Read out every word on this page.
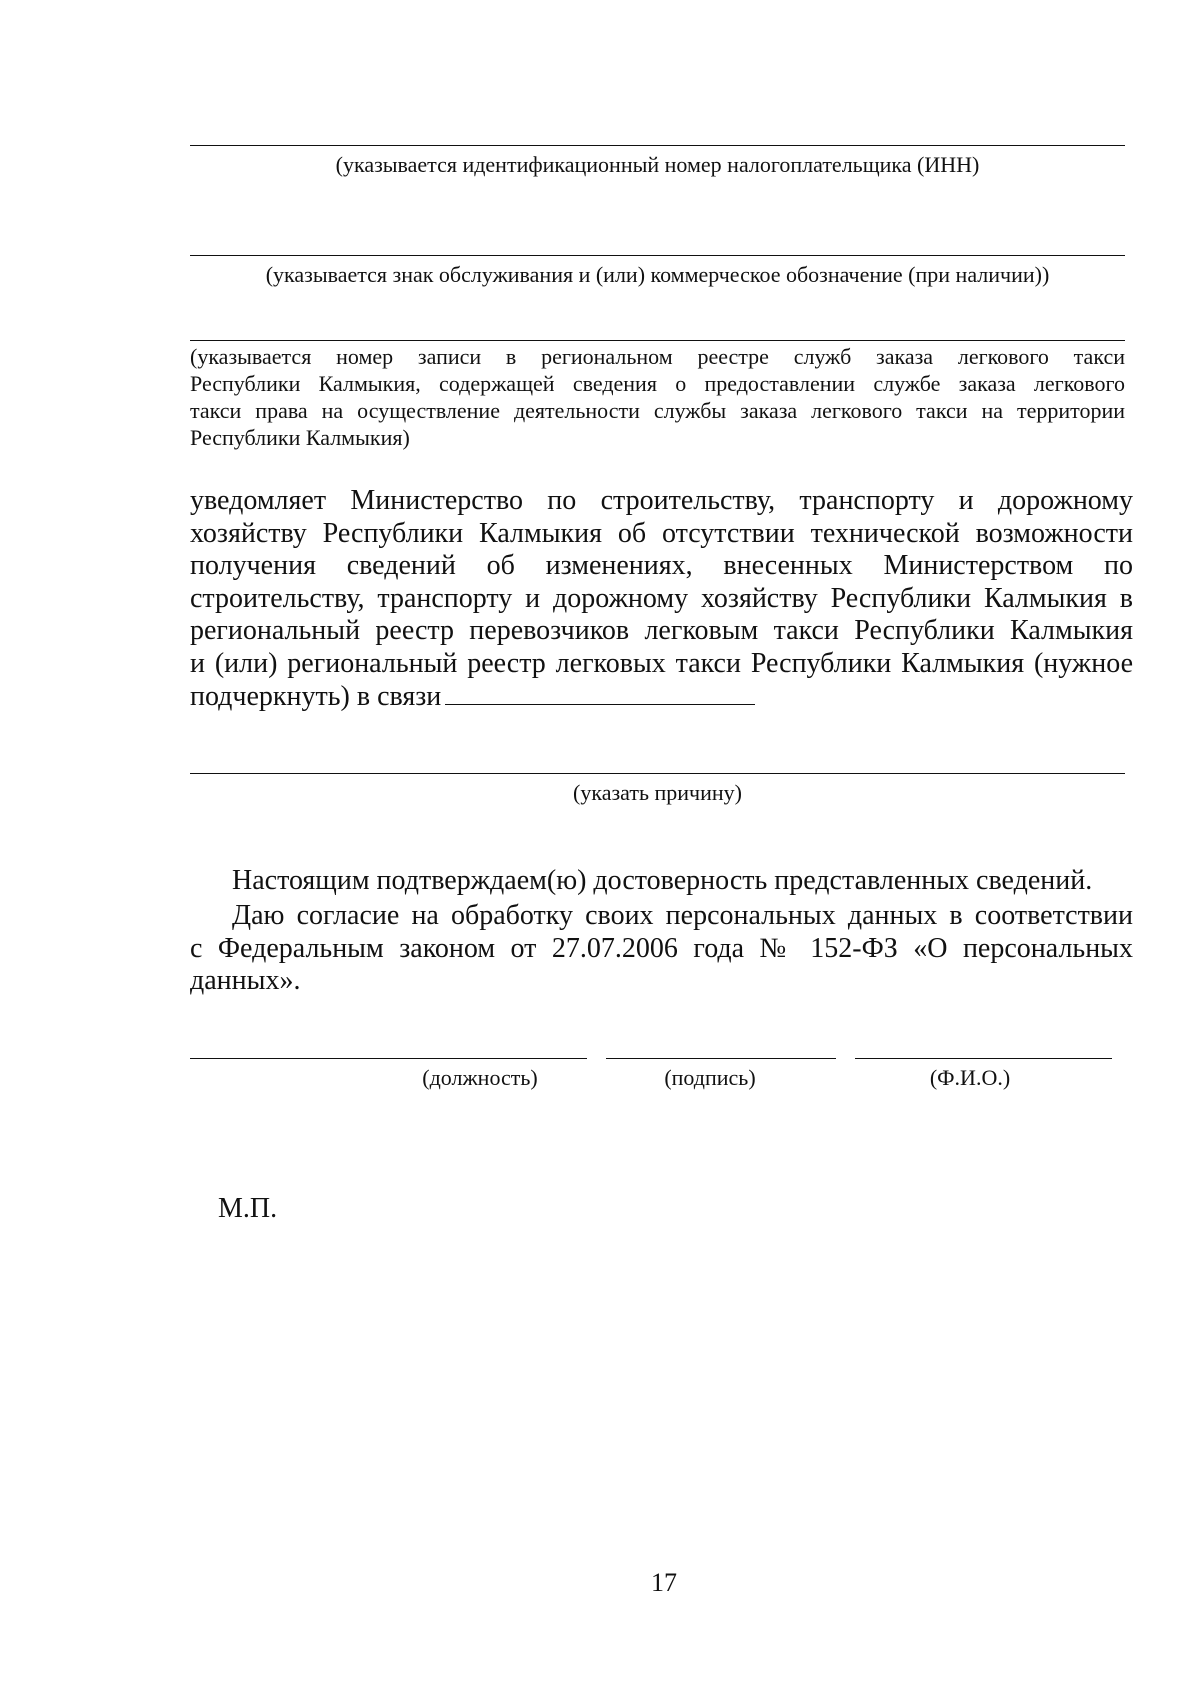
(указывается идентификационный номер налогоплательщика (ИНН)
(указывается знак обслуживания и (или) коммерческое обозначение (при наличии))
(указывается номер записи в региональном реестре служб заказа легкового такси
Республики Калмыкия, содержащей сведения о предоставлении службе заказа легкового
такси права на осуществление деятельности службы заказа легкового такси на территории
Республики Калмыкия)
уведомляет Министерство по строительству, транспорту и дорожному
хозяйству Республики Калмыкия об отсутствии технической возможности
получения сведений об изменениях, внесенных Министерством по
строительству, транспорту и дорожному хозяйству Республики Калмыкия в
региональный реестр перевозчиков легковым такси Республики Калмыкия
и (или) региональный реестр легковых такси Республики Калмыкия (нужное
подчеркнуть) в связи
(указать причину)
Настоящим подтверждаем(ю) достоверность представленных сведений.
Даю согласие на обработку своих персональных данных в соответствии
с Федеральным законом от 27.07.2006 года № 152-ФЗ «О персональных
данных».
(должность)	(подпись)	(Ф.И.О.)
М.П.
17
